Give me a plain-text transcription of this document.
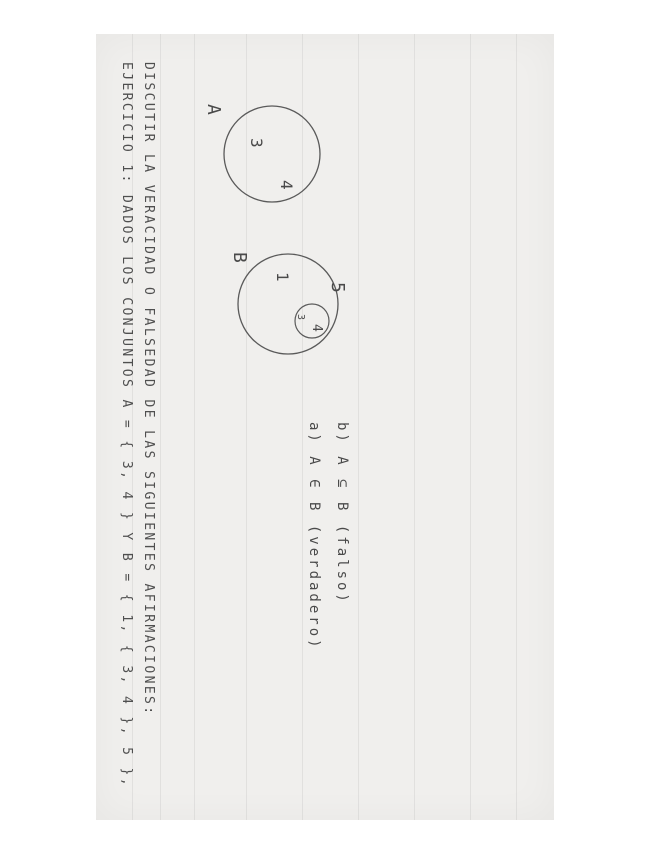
EJERCICIO 1: DADOS LOS CONJUNTOS A = { 3, 4 } Y B = { 1, { 3, 4 }, 5 }, DISCUTIR LA VERACIDAD O FALSEDAD DE LAS SIGUIENTES AFIRMACIONES:	A
3
4
B
1
5
3
4
a) A ∈ B (verdadero) b) A ⊆ B (falso)
